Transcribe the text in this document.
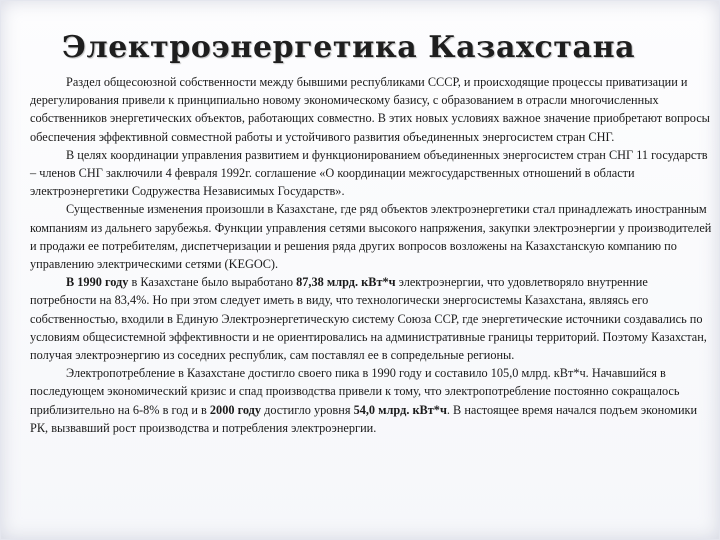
Электроэнергетика Казахстана

Раздел общесоюзной собственности между бывшими республиками СССР, и происходящие процессы приватизации и дерегулирования привели к принципиально новому экономическому базису, с образованием в отрасли многочисленных собственников энергетических объектов, работающих совместно. В этих новых условиях важное значение приобретают вопросы обеспечения эффективной совместной работы и устойчивого развития объединенных энергосистем стран СНГ.

В целях координации управления развитием и функционированием объединенных энергосистем стран СНГ 11 государств – членов СНГ заключили 4 февраля 1992г. соглашение «О координации межгосударственных отношений в области электроэнергетики Содружества Независимых Государств».

Существенные изменения произошли в Казахстане, где ряд объектов электроэнергетики стал принадлежать иностранным компаниям из дальнего зарубежья. Функции управления сетями высокого напряжения, закупки электроэнергии у производителей и продажи ее потребителям, диспетчеризации и решения ряда других вопросов возложены на Казахстанскую компанию по управлению электрическими сетями (KEGOC).

В 1990 году в Казахстане было выработано 87,38 млрд. кВт*ч электроэнергии, что удовлетворяло внутренние потребности на 83,4%. Но при этом следует иметь в виду, что технологически энергосистемы Казахстана, являясь его собственностью, входили в Единую Электроэнергетическую систему Союза ССР, где энергетические источники создавались по условиям общесистемной эффективности и не ориентировались на административные границы территорий. Поэтому Казахстан, получая электроэнергию из соседних республик, сам поставлял ее в сопредельные регионы.

Электропотребление в Казахстане достигло своего пика в 1990 году и составило 105,0 млрд. кВт*ч. Начавшийся в последующем экономический кризис и спад производства привели к тому, что электропотребление постоянно сокращалось приблизительно на 6-8% в год и в 2000 году достигло уровня 54,0 млрд. кВт*ч. В настоящее время начался подъем экономики РК, вызвавший рост производства и потребления электроэнергии.
